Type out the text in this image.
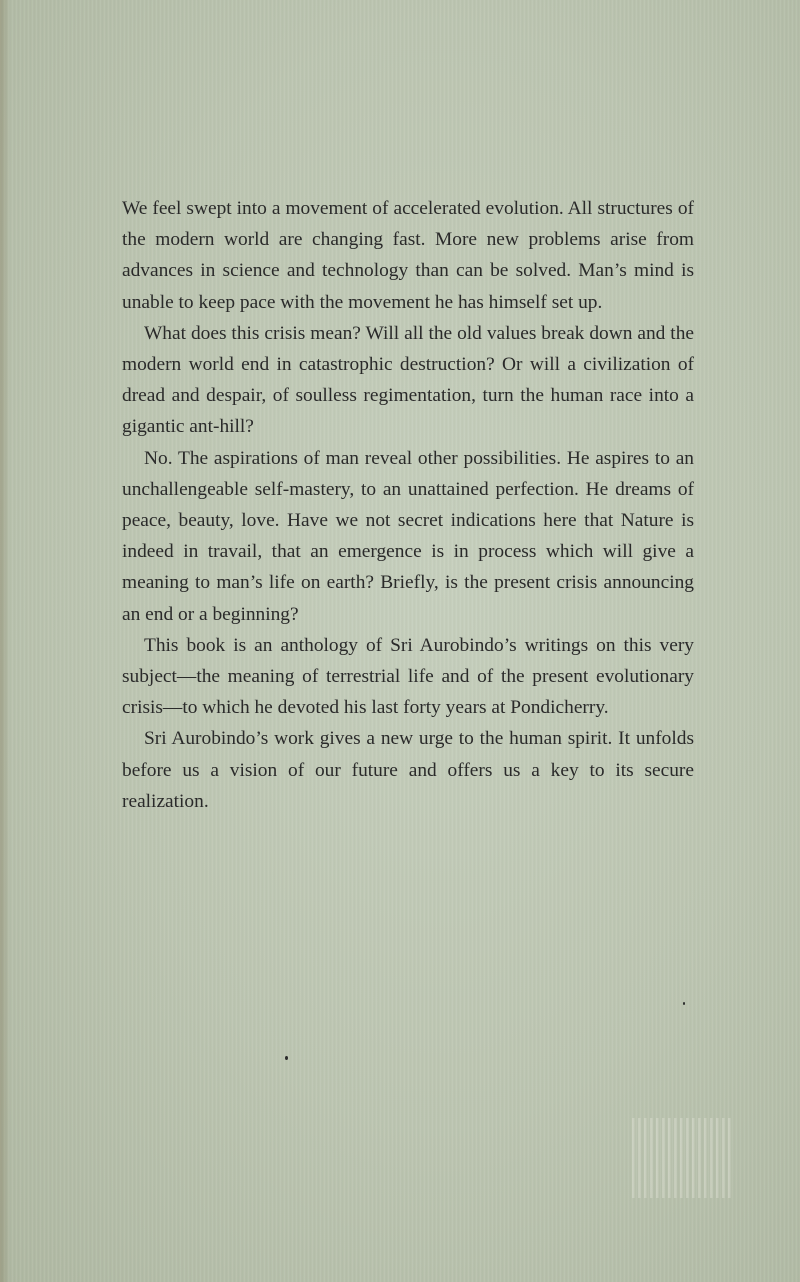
We feel swept into a movement of accelerated evolution. All structures of the modern world are changing fast. More new problems arise from advances in science and technology than can be solved. Man’s mind is unable to keep pace with the movement he has himself set up.

What does this crisis mean? Will all the old values break down and the modern world end in catastrophic destruction? Or will a civilization of dread and despair, of soulless regimentation, turn the human race into a gigantic ant-hill?

No. The aspirations of man reveal other possibilities. He aspires to an unchallengeable self-mastery, to an unattained perfection. He dreams of peace, beauty, love. Have we not secret indications here that Nature is indeed in travail, that an emergence is in process which will give a meaning to man’s life on earth? Briefly, is the present crisis announcing an end or a beginning?

This book is an anthology of Sri Aurobindo’s writings on this very subject—the meaning of terrestrial life and of the present evolutionary crisis—to which he devoted his last forty years at Pondicherry.

Sri Aurobindo’s work gives a new urge to the human spirit. It unfolds before us a vision of our future and offers us a key to its secure realization.
